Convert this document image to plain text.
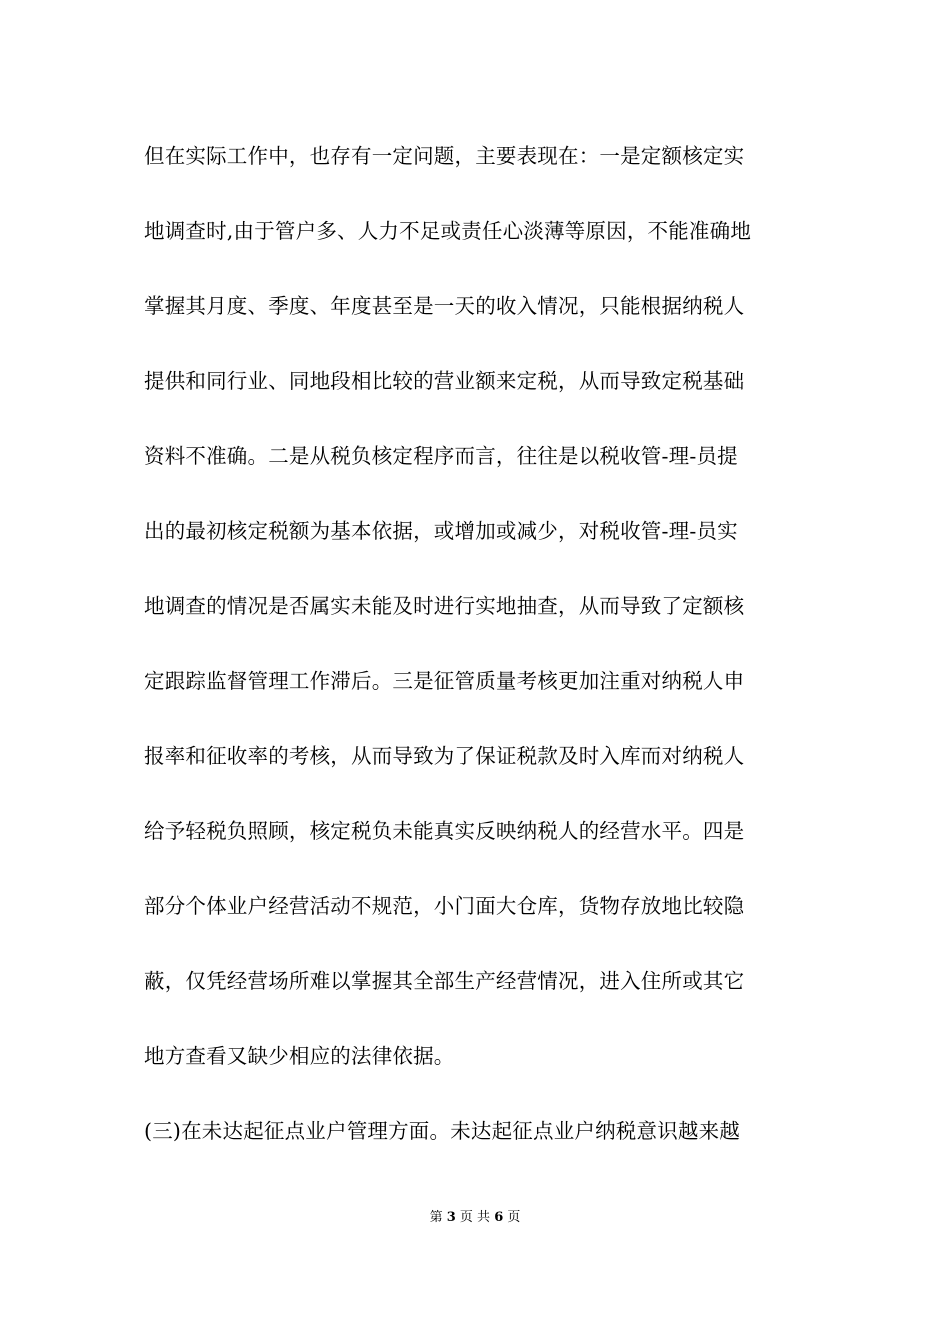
但在实际工作中，也存有一定问题，主要表现在：一是定额核定实
地调查时,由于管户多、人力不足或责任心淡薄等原因，不能准确地
掌握其月度、季度、年度甚至是一天的收入情况，只能根据纳税人
提供和同行业、同地段相比较的营业额来定税，从而导致定税基础
资料不准确。二是从税负核定程序而言，往往是以税收管-理-员提
出的最初核定税额为基本依据，或增加或减少，对税收管-理-员实
地调查的情况是否属实未能及时进行实地抽查，从而导致了定额核
定跟踪监督管理工作滞后。三是征管质量考核更加注重对纳税人申
报率和征收率的考核，从而导致为了保证税款及时入库而对纳税人
给予轻税负照顾，核定税负未能真实反映纳税人的经营水平。四是
部分个体业户经营活动不规范，小门面大仓库，货物存放地比较隐
蔽，仅凭经营场所难以掌握其全部生产经营情况，进入住所或其它
地方查看又缺少相应的法律依据。
(三)在未达起征点业户管理方面。未达起征点业户纳税意识越来越
第 3 页 共 6 页
